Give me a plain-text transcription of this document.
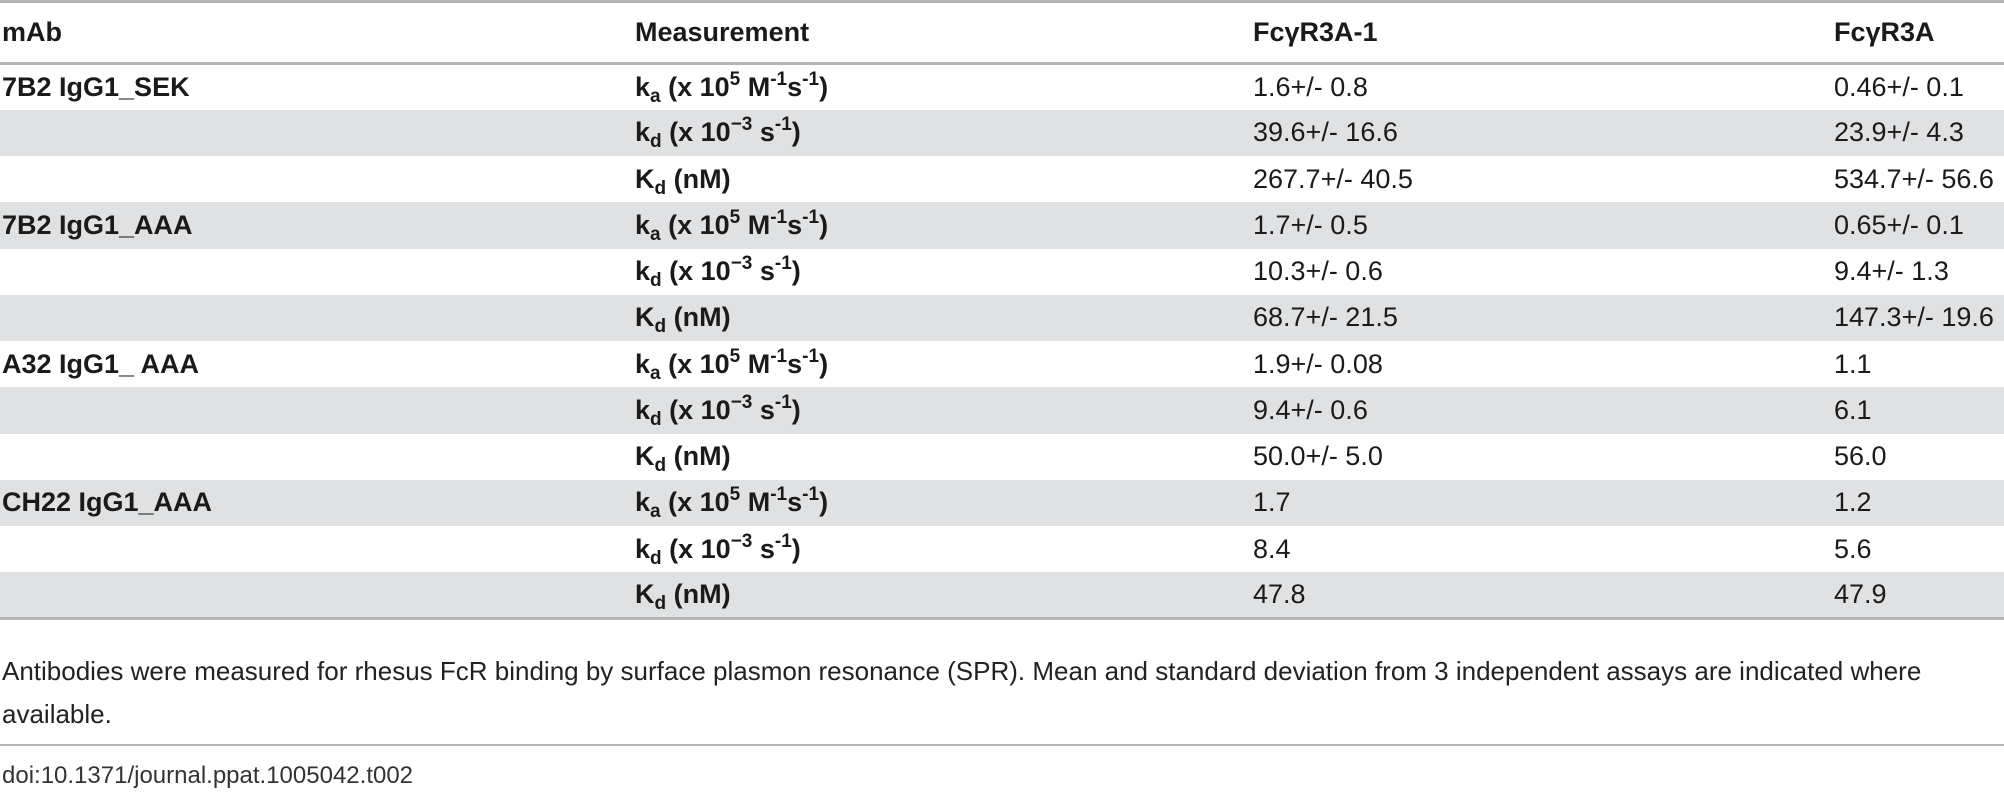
mAb	Measurement	FcγR3A-1	FcγR3A
7B2 IgG1_SEK	$k_a$ (x $10^5$ $M^{-1}s^{-1}$)	1.6+/- 0.8	0.46+/- 0.1
	$k_d$ (x $10^{-3}$ $s^{-1}$)	39.6+/- 16.6	23.9+/- 4.3
	$K_d$ (nM)	267.7+/- 40.5	534.7+/- 56.6
7B2 IgG1_AAA	$k_a$ (x $10^5$ $M^{-1}s^{-1}$)	1.7+/- 0.5	0.65+/- 0.1
	$k_d$ (x $10^{-3}$ $s^{-1}$)	10.3+/- 0.6	9.4+/- 1.3
	$K_d$ (nM)	68.7+/- 21.5	147.3+/- 19.6
A32 IgG1_ AAA	$k_a$ (x $10^5$ $M^{-1}s^{-1}$)	1.9+/- 0.08	1.1
	$k_d$ (x $10^{-3}$ $s^{-1}$)	9.4+/- 0.6	6.1
	$K_d$ (nM)	50.0+/- 5.0	56.0
CH22 IgG1_AAA	$k_a$ (x $10^5$ $M^{-1}s^{-1}$)	1.7	1.2
	$k_d$ (x $10^{-3}$ $s^{-1}$)	8.4	5.6
	$K_d$ (nM)	47.8	47.9
Antibodies were measured for rhesus FcR binding by surface plasmon resonance (SPR). Mean and standard deviation from 3 independent assays are indicated where available.
doi:10.1371/journal.ppat.1005042.t002
